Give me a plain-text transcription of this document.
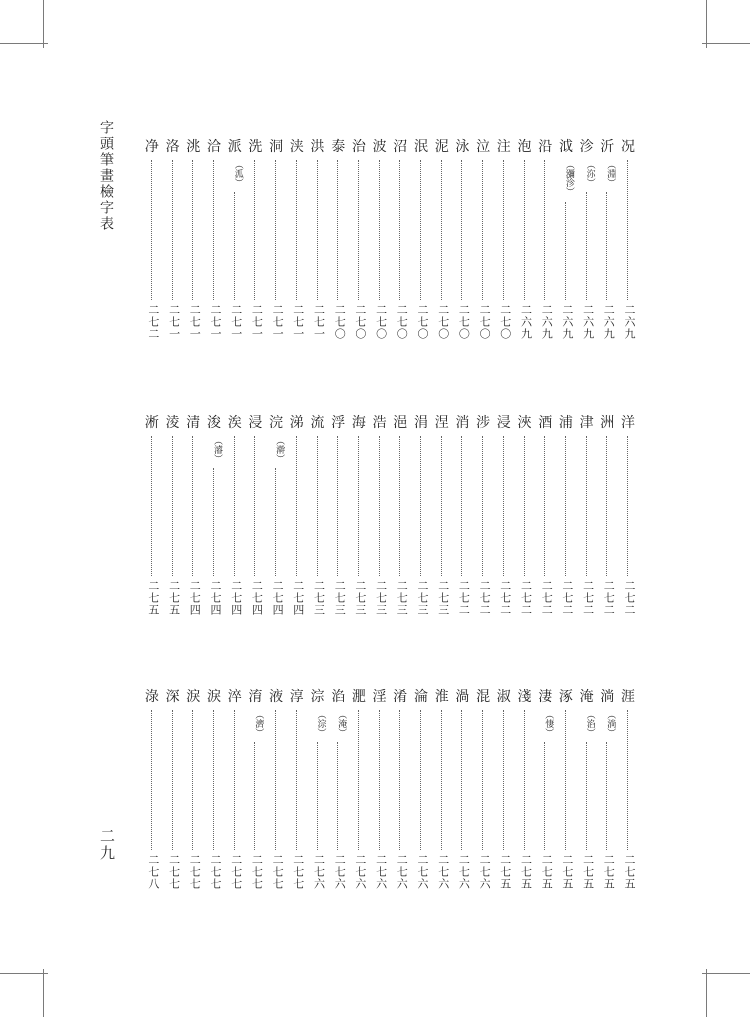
字頭筆畫檢字表
二九
况
二六九
沂
（淵）
二六九
沴
（沵）
二六九
泧
（瀰沴）
二六九
沿
二六九
泡
二六九
注
二七〇
泣
二七〇
泳
二七〇
泥
二七〇
泯
二七〇
沼
二七〇
波
二七〇
治
二七〇
泰
二七〇
洪
二七一
浃
二七一
洞
二七一
洗
二七一
派
（泒）
二七一
洽
二七一
洮
二七一
洛
二七一
净
二七二
洋
二七二
洲
二七二
津
二七二
浦
二七二
酒
二七二
浹
二七二
浸
二七二
涉
二七二
消
二七二
涅
二七三
涓
二七三
浥
二七三
浩
二七三
海
二七三
浮
二七三
流
二七三
涕
二七四
浣
（澣）
二七四
浸
二七四
涘
二七四
浚
（濬）
二七四
清
二七四
淩
二七五
淅
二七五
涯
二七五
淌
（淌）
二七五
淹
（淊）
二七五
涿
二七五
淒
（悽）
二七五
淺
二七五
淑
二七五
混
二七六
渦
二七六
淮
二七六
淪
二七六
淆
二七六
淫
二七六
淝
二七六
淊
（淹）
二七六
淙
（淙）
二七六
淳
二七七
液
二七七
淯
（濟）
二七七
淬
二七七
淚
二七七
淚
二七七
深
二七七
淥
二七八
